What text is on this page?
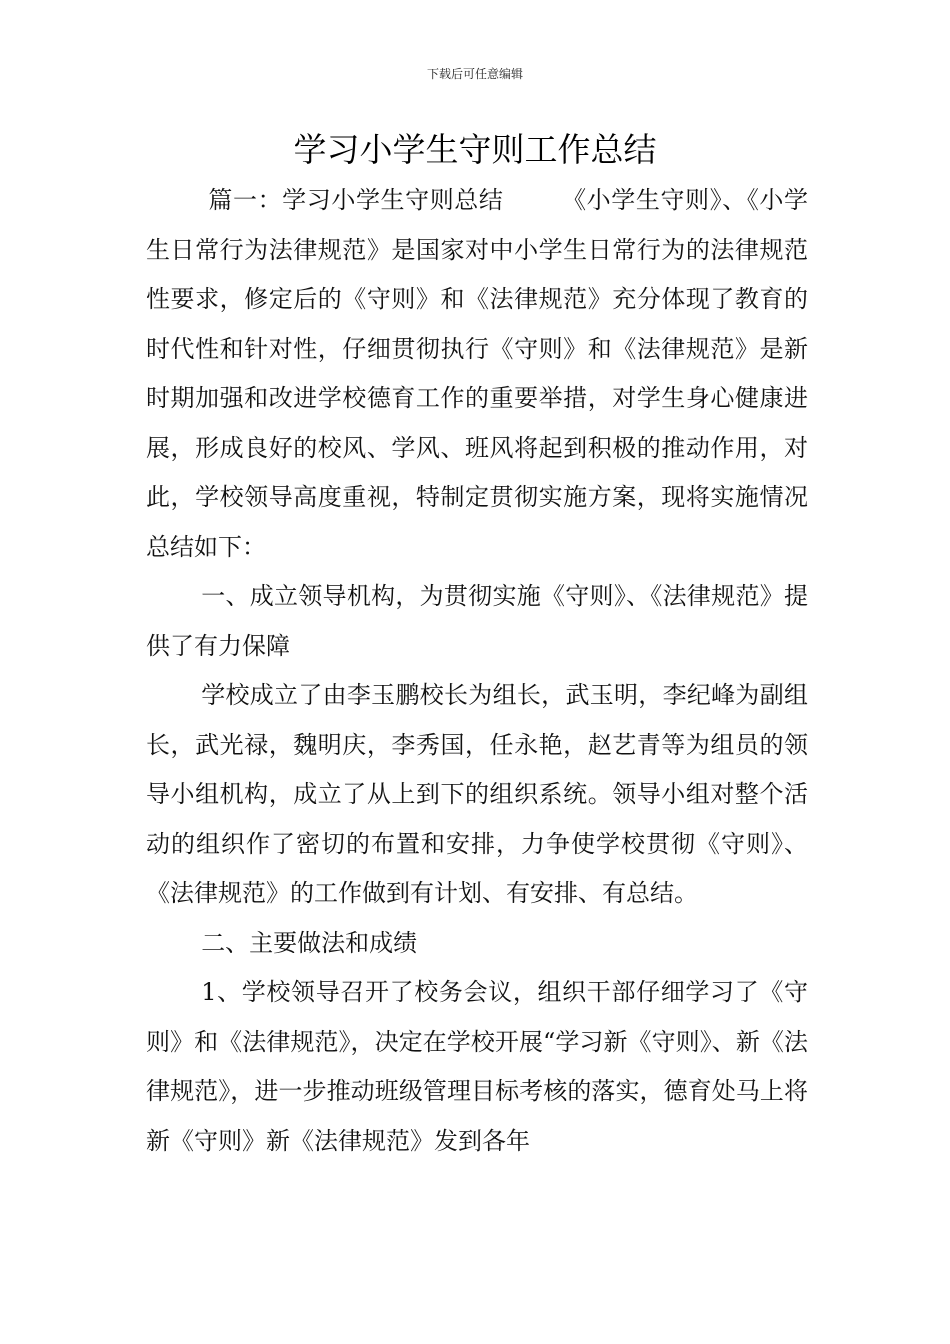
下载后可任意编辑
学习小学生守则工作总结

篇一：学习小学生守则总结 《小学生守则》、《小学生日常行为法律规范》是国家对中小学生日常行为的法律规范性要求，修定后的《守则》和《法律规范》充分体现了教育的时代性和针对性，仔细贯彻执行《守则》和《法律规范》是新时期加强和改进学校德育工作的重要举措，对学生身心健康进展，形成良好的校风、学风、班风将起到积极的推动作用，对此，学校领导高度重视，特制定贯彻实施方案，现将实施情况总结如下：

一、成立领导机构，为贯彻实施《守则》、《法律规范》提供了有力保障

学校成立了由李玉鹏校长为组长，武玉明，李纪峰为副组长，武光禄，魏明庆，李秀国，任永艳，赵艺青等为组员的领导小组机构，成立了从上到下的组织系统。领导小组对整个活动的组织作了密切的布置和安排，力争使学校贯彻《守则》、《法律规范》的工作做到有计划、有安排、有总结。

二、主要做法和成绩

1、学校领导召开了校务会议，组织干部仔细学习了《守则》和《法律规范》，决定在学校开展“学习新《守则》、新《法律规范》，进一步推动班级管理目标考核的落实，德育处马上将新《守则》新《法律规范》发到各年
